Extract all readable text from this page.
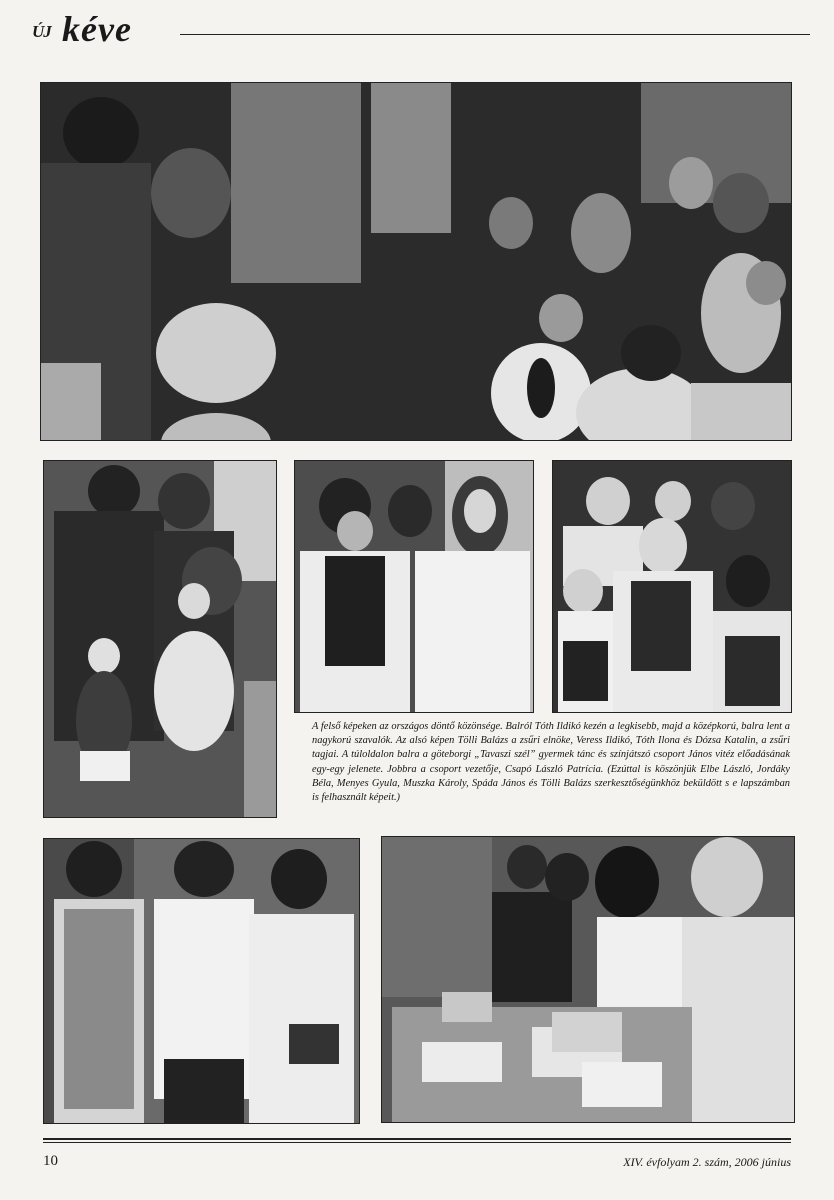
ÚJ kéve
A felső képeken az országos döntő közönsége. Balról Tóth Ildikó kezén a legkisebb, majd a középkorú, balra lent a nagykorú szavalók. Az alsó képen Tölli Balázs a zsűri elnöke, Veress Ildikó, Tóth Ilona és Dózsa Katalin, a zsűri tagjai. A túloldalon balra a göteborgi „Tavaszi szél” gyermek tánc és színjátszó csoport János vitéz előadásának egy-egy jelenete. Jobbra a csoport vezetője, Csapó László Patrícia. (Ezúttal is köszönjük Elbe László, Jordáky Béla, Menyes Gyula, Muszka Károly, Spáda János és Tölli Balázs szerkesztőségünkhöz beküldött s e lapszámban is felhasznált képeit.)
10	XIV. évfolyam 2. szám, 2006 június
